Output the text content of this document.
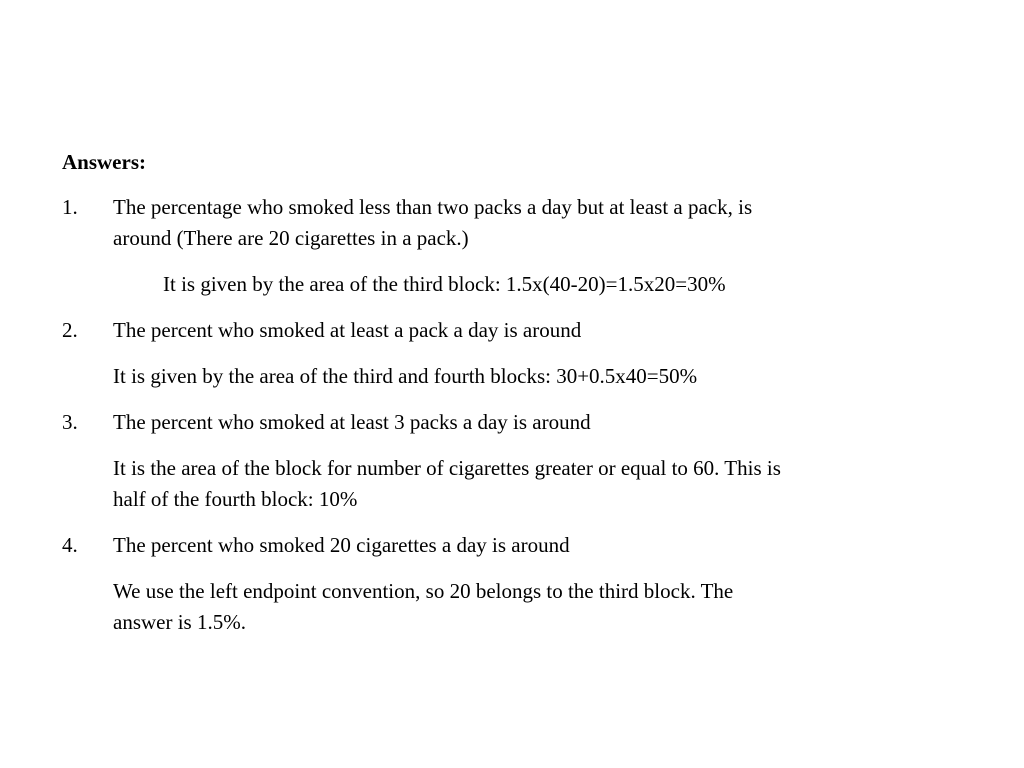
Answers:

1. The percentage who smoked less than two packs a day but at least a pack, is

around (There are 20 cigarettes in a pack.)

It is given by the area of the third block: 1.5x(40-20)=1.5x20=30%

2. The percent who smoked at least a pack a day is around

It is given by the area of the third and fourth blocks: 30+0.5x40=50%

3. The percent who smoked at least 3 packs a day is around

It is the area of the block for number of cigarettes greater or equal to 60. This is

half of the fourth block: 10%

4. The percent who smoked 20 cigarettes a day is around

We use the left endpoint convention, so 20 belongs to the third block. The

answer is 1.5%.
